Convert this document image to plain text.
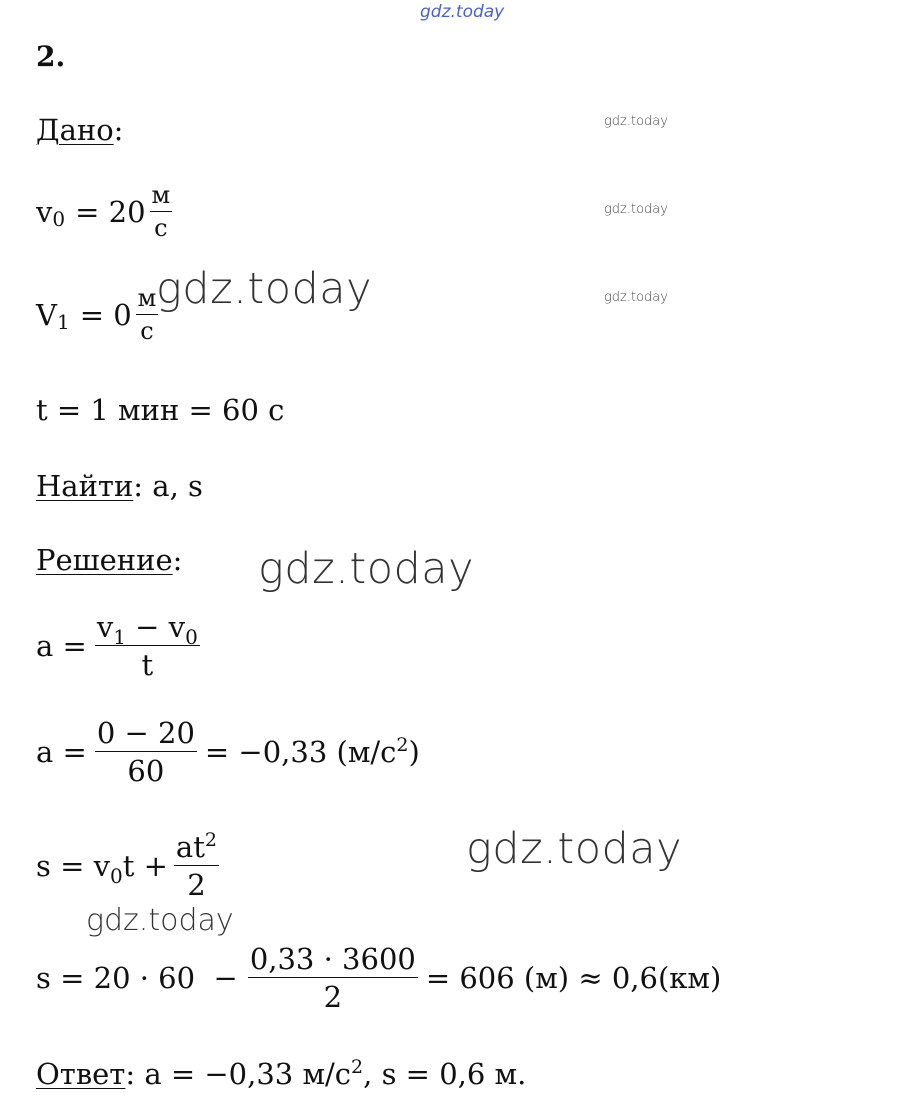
gdz.today
2.
Дано:
v $0 = 20 \frac{м}{с}$
V $1 = 0 \frac{м}{с}$
t = 1 мин = 60 с
Найти: a, s
Решение:
$a = \frac{v_1 - v_0}{t}$
$a = \frac{0 - 20}{60} = -0,33$ $(м/с^2)$
$s = v_0t + \frac{at^2}{2}$
$s = 20 \cdot 60 - \frac{0,33 \cdot 3600}{2} = 606$ (м) ≈ 0,6(км)
Ответ: a = −0,33 $м/с^2$, s = 0,6 м.
gdz.today
gdz.today
gdz.today
gdz.today
gdz.today
gdz.today
gdz.today
